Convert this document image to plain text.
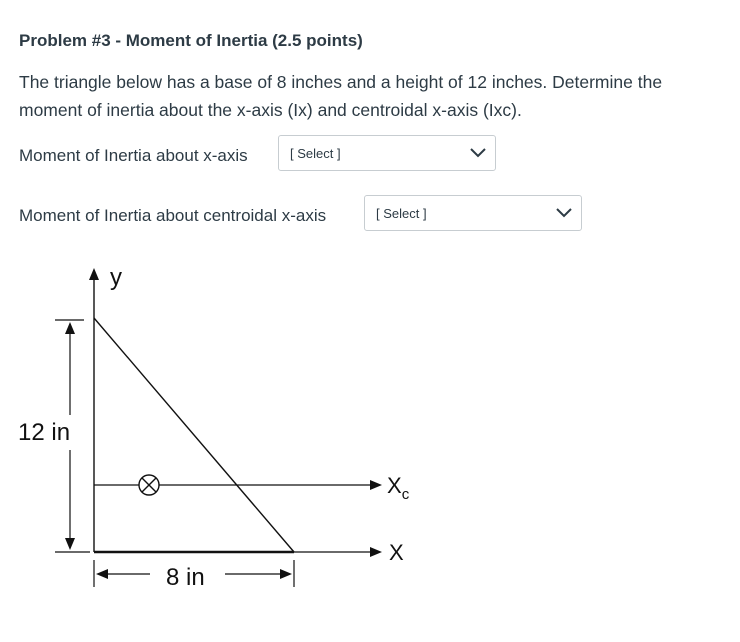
Problem #3 - Moment of Inertia (2.5 points)
The triangle below has a base of 8 inches and a height of 12 inches. Determine the moment of inertia about the x-axis (Ix) and centroidal x-axis (Ixc).
Moment of Inertia about x-axis	[ Select ]
Moment of Inertia about centroidal x-axis	[ Select ]
y
X
$X_c$
12 in
8 in
